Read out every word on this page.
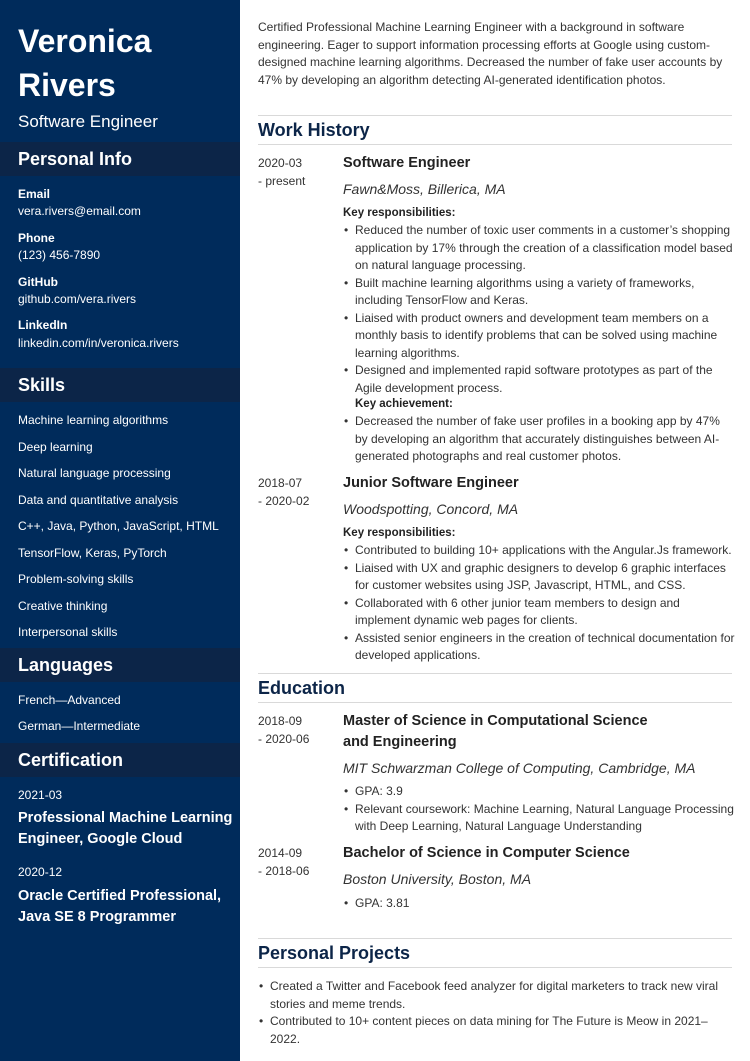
Veronica
Rivers
Software Engineer
Personal Info
Email
vera.rivers@email.com
Phone
(123) 456-7890
GitHub
github.com/vera.rivers
LinkedIn
linkedin.com/in/veronica.rivers
Skills
Machine learning algorithms
Deep learning
Natural language processing
Data and quantitative analysis
C++, Java, Python, JavaScript, HTML
TensorFlow, Keras, PyTorch
Problem-solving skills
Creative thinking
Interpersonal skills
Languages
French—Advanced
German—Intermediate
Certification
2021-03
Professional Machine Learning Engineer, Google Cloud
2020-12
Oracle Certified Professional, Java SE 8 Programmer

Certified Professional Machine Learning Engineer with a background in software engineering. Eager to support information processing efforts at Google using custom-designed machine learning algorithms. Decreased the number of fake user accounts by 47% by developing an algorithm detecting AI-generated identification photos.

Work History
2020-03
- present
Software Engineer
Fawn&Moss, Billerica, MA
Key responsibilities:
• Reduced the number of toxic user comments in a customer’s shopping application by 17% through the creation of a classification model based on natural language processing.
• Built machine learning algorithms using a variety of frameworks, including TensorFlow and Keras.
• Liaised with product owners and development team members on a monthly basis to identify problems that can be solved using machine learning algorithms.
• Designed and implemented rapid software prototypes as part of the Agile development process.
Key achievement:
• Decreased the number of fake user profiles in a booking app by 47% by developing an algorithm that accurately distinguishes between AI-generated photographs and real customer photos.
2018-07
- 2020-02
Junior Software Engineer
Woodspotting, Concord, MA
Key responsibilities:
• Contributed to building 10+ applications with the Angular.Js framework.
• Liaised with UX and graphic designers to develop 6 graphic interfaces for customer websites using JSP, Javascript, HTML, and CSS.
• Collaborated with 6 other junior team members to design and implement dynamic web pages for clients.
• Assisted senior engineers in the creation of technical documentation for developed applications.
Education
2018-09
- 2020-06
Master of Science in Computational Science and Engineering
MIT Schwarzman College of Computing, Cambridge, MA
• GPA: 3.9
• Relevant coursework: Machine Learning, Natural Language Processing with Deep Learning, Natural Language Understanding
2014-09
- 2018-06
Bachelor of Science in Computer Science
Boston University, Boston, MA
• GPA: 3.81
Personal Projects
• Created a Twitter and Facebook feed analyzer for digital marketers to track new viral stories and meme trends.
• Contributed to 10+ content pieces on data mining for The Future is Meow in 2021–2022.
